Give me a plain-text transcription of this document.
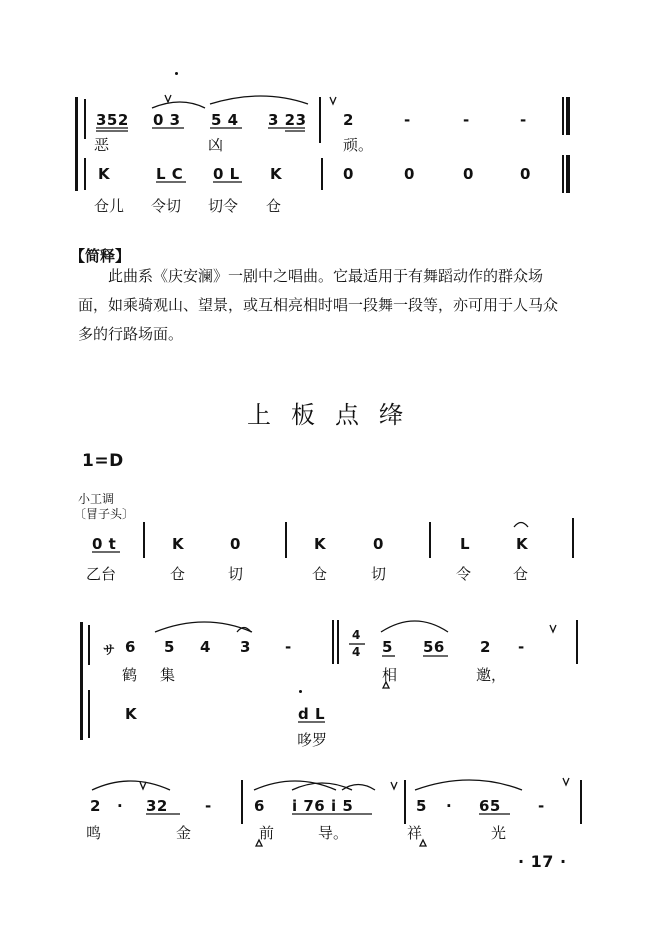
352 0 3 5 4 3 23 2	-	-	-
恶	凶	顽。
K	L C 0 L K	0	0	0	0
仓儿 令切 切令 仓
【简释】
此曲系《庆安澜》一剧中之唱曲。它最适用于有舞蹈动作的群众场
面，如乘骑观山、望景，或互相亮相时唱一段舞一段等，亦可用于人马众
多的行路场面。
上板点绛
1=D
小工调
〔冒子头〕
0 t	K	0	K	0	L	K
乙台	仓	切	仓	切	令	仓
サ 6 5 4 3 -
4
4 5 56 2 -
鹤 集	相	邀，
K	d L
哆罗
2 · 32 -	6 i 76 i 5	5 · 65 -
鸣	金	前	导。	祥	光
· 17 ·
